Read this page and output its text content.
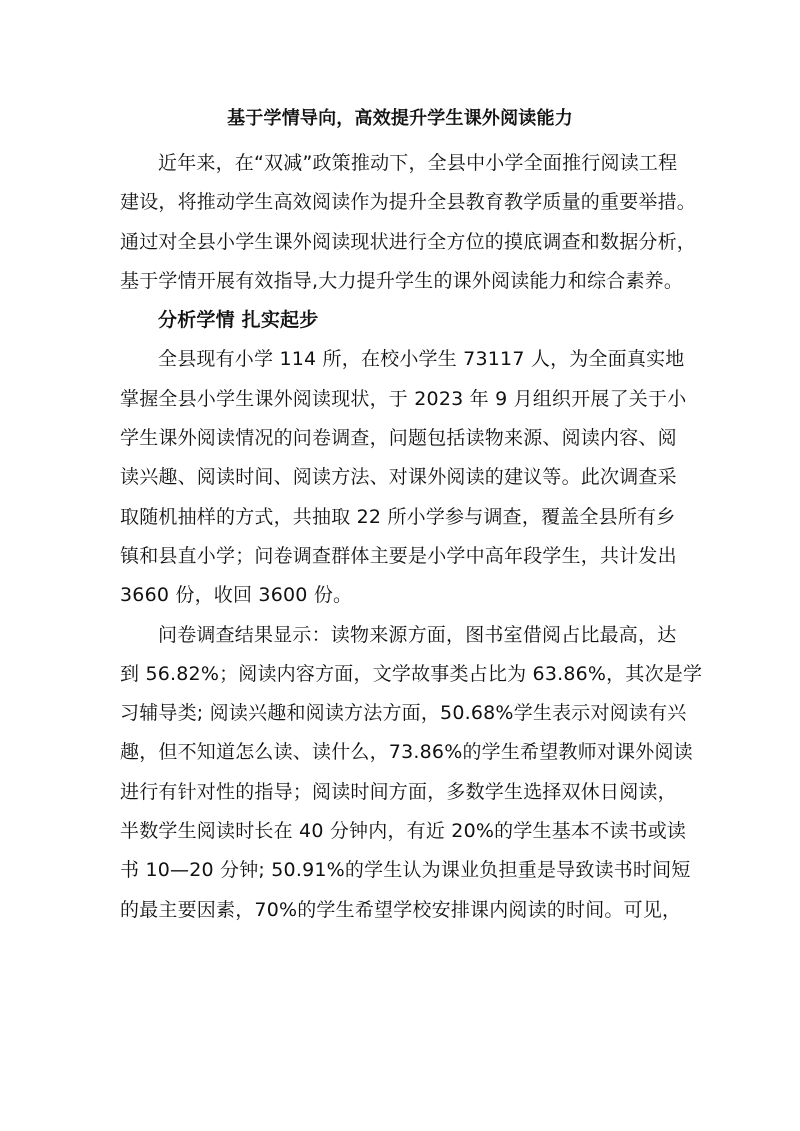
基于学情导向，高效提升学生课外阅读能力
近年来，在“双减”政策推动下，全县中小学全面推行阅读工程
建设，将推动学生高效阅读作为提升全县教育教学质量的重要举措。
通过对全县小学生课外阅读现状进行全方位的摸底调查和数据分析，
基于学情开展有效指导,大力提升学生的课外阅读能力和综合素养。
分析学情 扎实起步
全县现有小学 114 所，在校小学生 73117 人，为全面真实地
掌握全县小学生课外阅读现状，于 2023 年 9 月组织开展了关于小
学生课外阅读情况的问卷调查，问题包括读物来源、阅读内容、阅
读兴趣、阅读时间、阅读方法、对课外阅读的建议等。此次调查采
取随机抽样的方式，共抽取 22 所小学参与调查，覆盖全县所有乡
镇和县直小学；问卷调查群体主要是小学中高年段学生，共计发出
3660 份，收回 3600 份。
问卷调查结果显示：读物来源方面，图书室借阅占比最高，达
到 56.82%；阅读内容方面，文学故事类占比为 63.86%，其次是学
习辅导类; 阅读兴趣和阅读方法方面，50.68%学生表示对阅读有兴
趣，但不知道怎么读、读什么，73.86%的学生希望教师对课外阅读
进行有针对性的指导；阅读时间方面，多数学生选择双休日阅读，
半数学生阅读时长在 40 分钟内，有近 20%的学生基本不读书或读
书 10—20 分钟; 50.91%的学生认为课业负担重是导致读书时间短
的最主要因素，70%的学生希望学校安排课内阅读的时间。可见，
